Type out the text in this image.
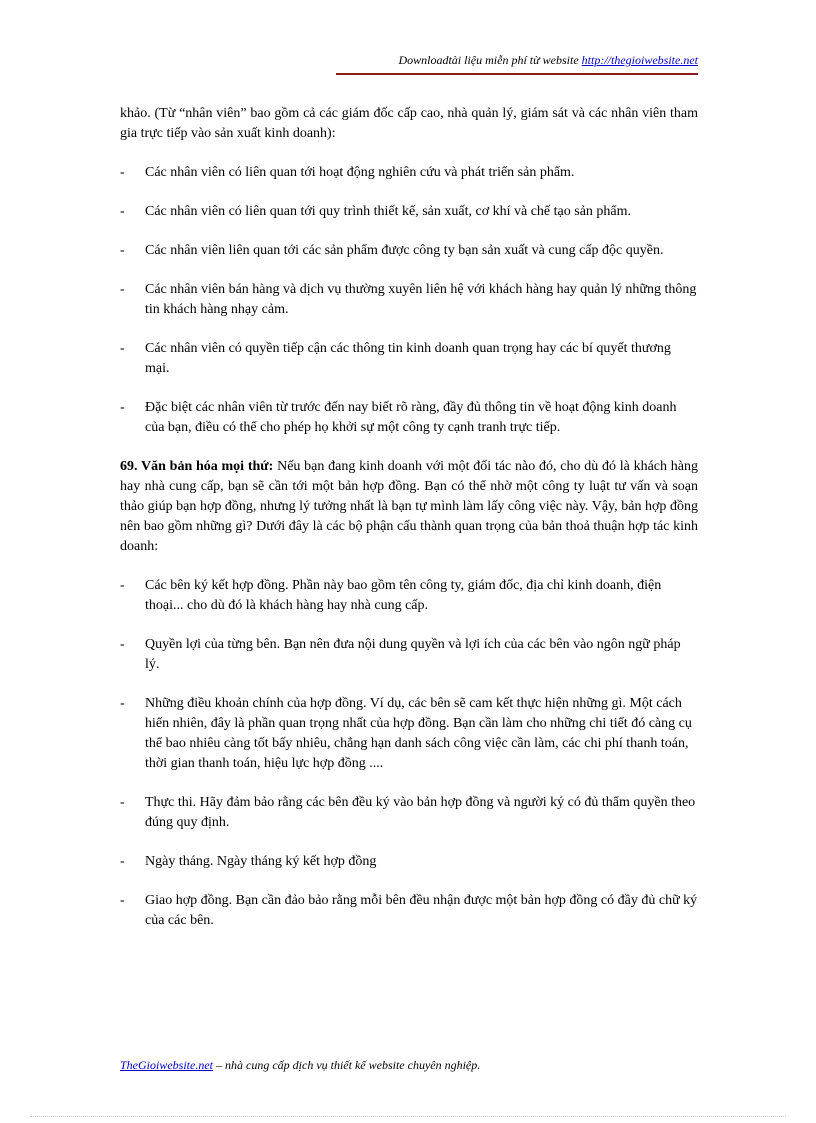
Downloadtài liệu miễn phí từ website http://thegioiwebsite.net

khảo. (Từ “nhân viên” bao gồm cả các giám đốc cấp cao, nhà quản lý, giám sát và các nhân viên tham gia trực tiếp vào sản xuất kinh doanh):

- Các nhân viên có liên quan tới hoạt động nghiên cứu và phát triển sản phẩm.
- Các nhân viên có liên quan tới quy trình thiết kế, sản xuất, cơ khí và chế tạo sản phẩm.
- Các nhân viên liên quan tới các sản phẩm được công ty bạn sản xuất và cung cấp độc quyền.
- Các nhân viên bán hàng và dịch vụ thường xuyên liên hệ với khách hàng hay quản lý những thông tin khách hàng nhạy cảm.
- Các nhân viên có quyền tiếp cận các thông tin kinh doanh quan trọng hay các bí quyết thương mại.
- Đặc biệt các nhân viên từ trước đến nay biết rõ ràng, đầy đủ thông tin về hoạt động kinh doanh của bạn, điều có thể cho phép họ khởi sự một công ty cạnh tranh trực tiếp.

69. Văn bản hóa mọi thứ: Nếu bạn đang kinh doanh với một đối tác nào đó, cho dù đó là khách hàng hay nhà cung cấp, bạn sẽ cần tới một bản hợp đồng. Bạn có thể nhờ một công ty luật tư vấn và soạn thảo giúp bạn hợp đồng, nhưng lý tưởng nhất là bạn tự mình làm lấy công việc này. Vậy, bản hợp đồng nên bao gồm những gì? Dưới đây là các bộ phận cấu thành quan trọng của bản thoả thuận hợp tác kinh doanh:

- Các bên ký kết hợp đồng. Phần này bao gồm tên công ty, giám đốc, địa chỉ kinh doanh, điện thoại... cho dù đó là khách hàng hay nhà cung cấp.
- Quyền lợi của từng bên. Bạn nên đưa nội dung quyền và lợi ích của các bên vào ngôn ngữ pháp lý.
- Những điều khoản chính của hợp đồng. Ví dụ, các bên sẽ cam kết thực hiện những gì. Một cách hiển nhiên, đây là phần quan trọng nhất của hợp đồng. Bạn cần làm cho những chi tiết đó càng cụ thể bao nhiêu càng tốt bấy nhiêu, chẳng hạn danh sách công việc cần làm, các chi phí thanh toán, thời gian thanh toán, hiệu lực hợp đồng ....
- Thực thi. Hãy đảm bảo rằng các bên đều ký vào bản hợp đồng và người ký có đủ thẩm quyền theo đúng quy định.
- Ngày tháng. Ngày tháng ký kết hợp đồng
- Giao hợp đồng. Bạn cần đảo bảo rằng mỗi bên đều nhận được một bản hợp đồng có đầy đủ chữ ký của các bên.
TheGioiwebsite.net – nhà cung cấp dịch vụ thiết kế website chuyên nghiệp.
